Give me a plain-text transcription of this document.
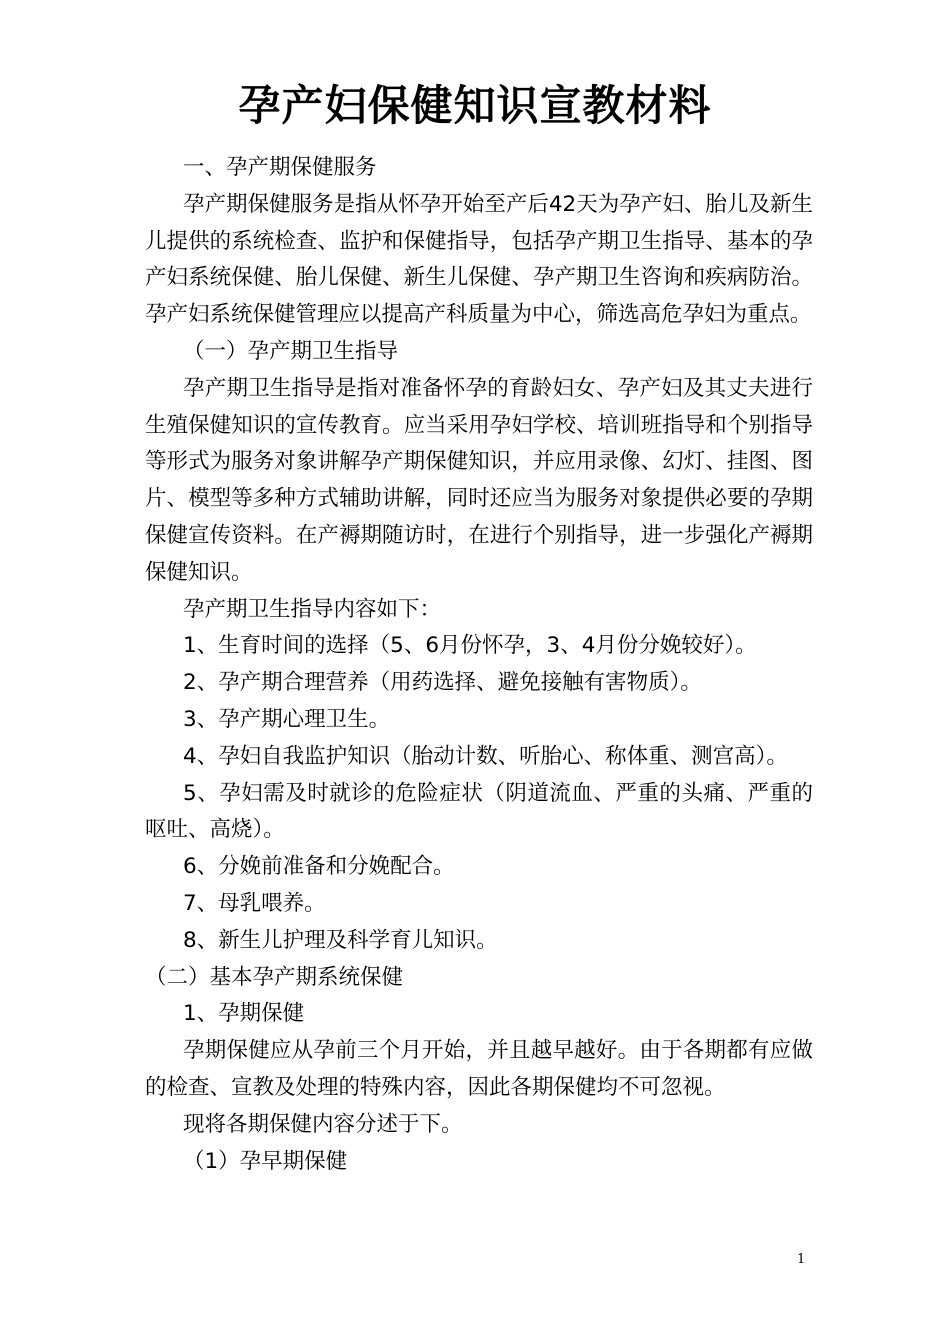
孕产妇保健知识宣教材料

一、孕产期保健服务

孕产期保健服务是指从怀孕开始至产后42天为孕产妇、胎儿及新生儿提供的系统检查、监护和保健指导，包括孕产期卫生指导、基本的孕产妇系统保健、胎儿保健、新生儿保健、孕产期卫生咨询和疾病防治。孕产妇系统保健管理应以提高产科质量为中心，筛选高危孕妇为重点。

（一）孕产期卫生指导

孕产期卫生指导是指对准备怀孕的育龄妇女、孕产妇及其丈夫进行生殖保健知识的宣传教育。应当采用孕妇学校、培训班指导和个别指导等形式为服务对象讲解孕产期保健知识，并应用录像、幻灯、挂图、图片、模型等多种方式辅助讲解，同时还应当为服务对象提供必要的孕期保健宣传资料。在产褥期随访时，在进行个别指导，进一步强化产褥期保健知识。

孕产期卫生指导内容如下：

1、生育时间的选择（5、6月份怀孕，3、4月份分娩较好）。

2、孕产期合理营养（用药选择、避免接触有害物质）。

3、孕产期心理卫生。

4、孕妇自我监护知识（胎动计数、听胎心、称体重、测宫高）。

5、孕妇需及时就诊的危险症状（阴道流血、严重的头痛、严重的呕吐、高烧）。

6、分娩前准备和分娩配合。

7、母乳喂养。

8、新生儿护理及科学育儿知识。

（二）基本孕产期系统保健

1、孕期保健

孕期保健应从孕前三个月开始，并且越早越好。由于各期都有应做的检查、宣教及处理的特殊内容，因此各期保健均不可忽视。

现将各期保健内容分述于下。

（1）孕早期保健

1
